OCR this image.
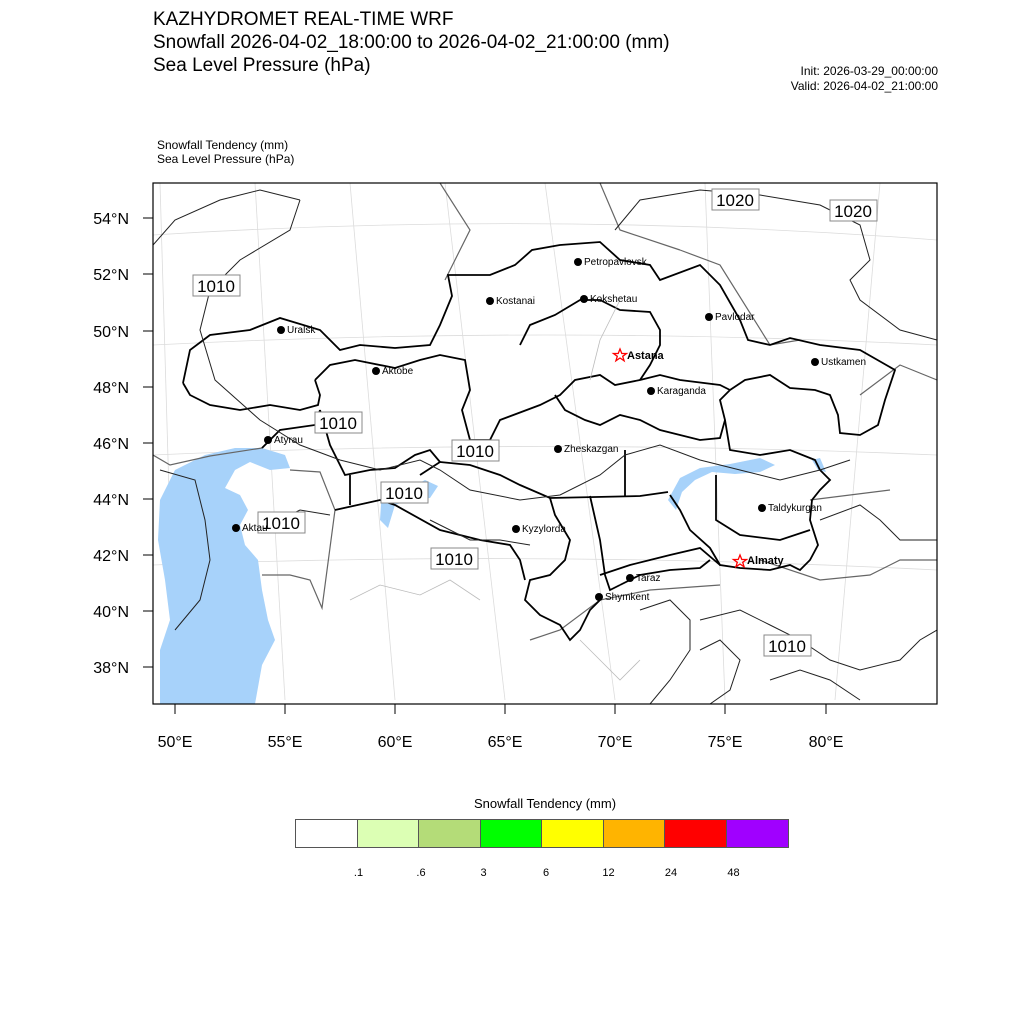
KAZHYDROMET REAL-TIME WRF
Snowfall 2026-04-02_18:00:00 to 2026-04-02_21:00:00 (mm)
Sea Level Pressure (hPa)	Init: 2026-03-29_00:00:00
Valid: 2026-04-02_21:00:00
Snowfall Tendency (mm)
Sea Level Pressure (hPa)
54°N
52°N
50°N
48°N
46°N
44°N
42°N
40°N
38°N
50°E	55°E	60°E	65°E	70°E	75°E	80°E
1020
1020
1010
1010
1010
1010
1010
1010
1010
Petropavlovsk
Kostanai	Kokshetau
Pavlodar
Uralsk
Aktobe
Astana
Ustkamen
Karaganda
Atyrau
Zheskazgan
Aktau	Kyzylorda
Taldykurgan
Almaty
Taraz
Shymkent
Snowfall Tendency (mm)
.1	.6	3	6	12	24	48
